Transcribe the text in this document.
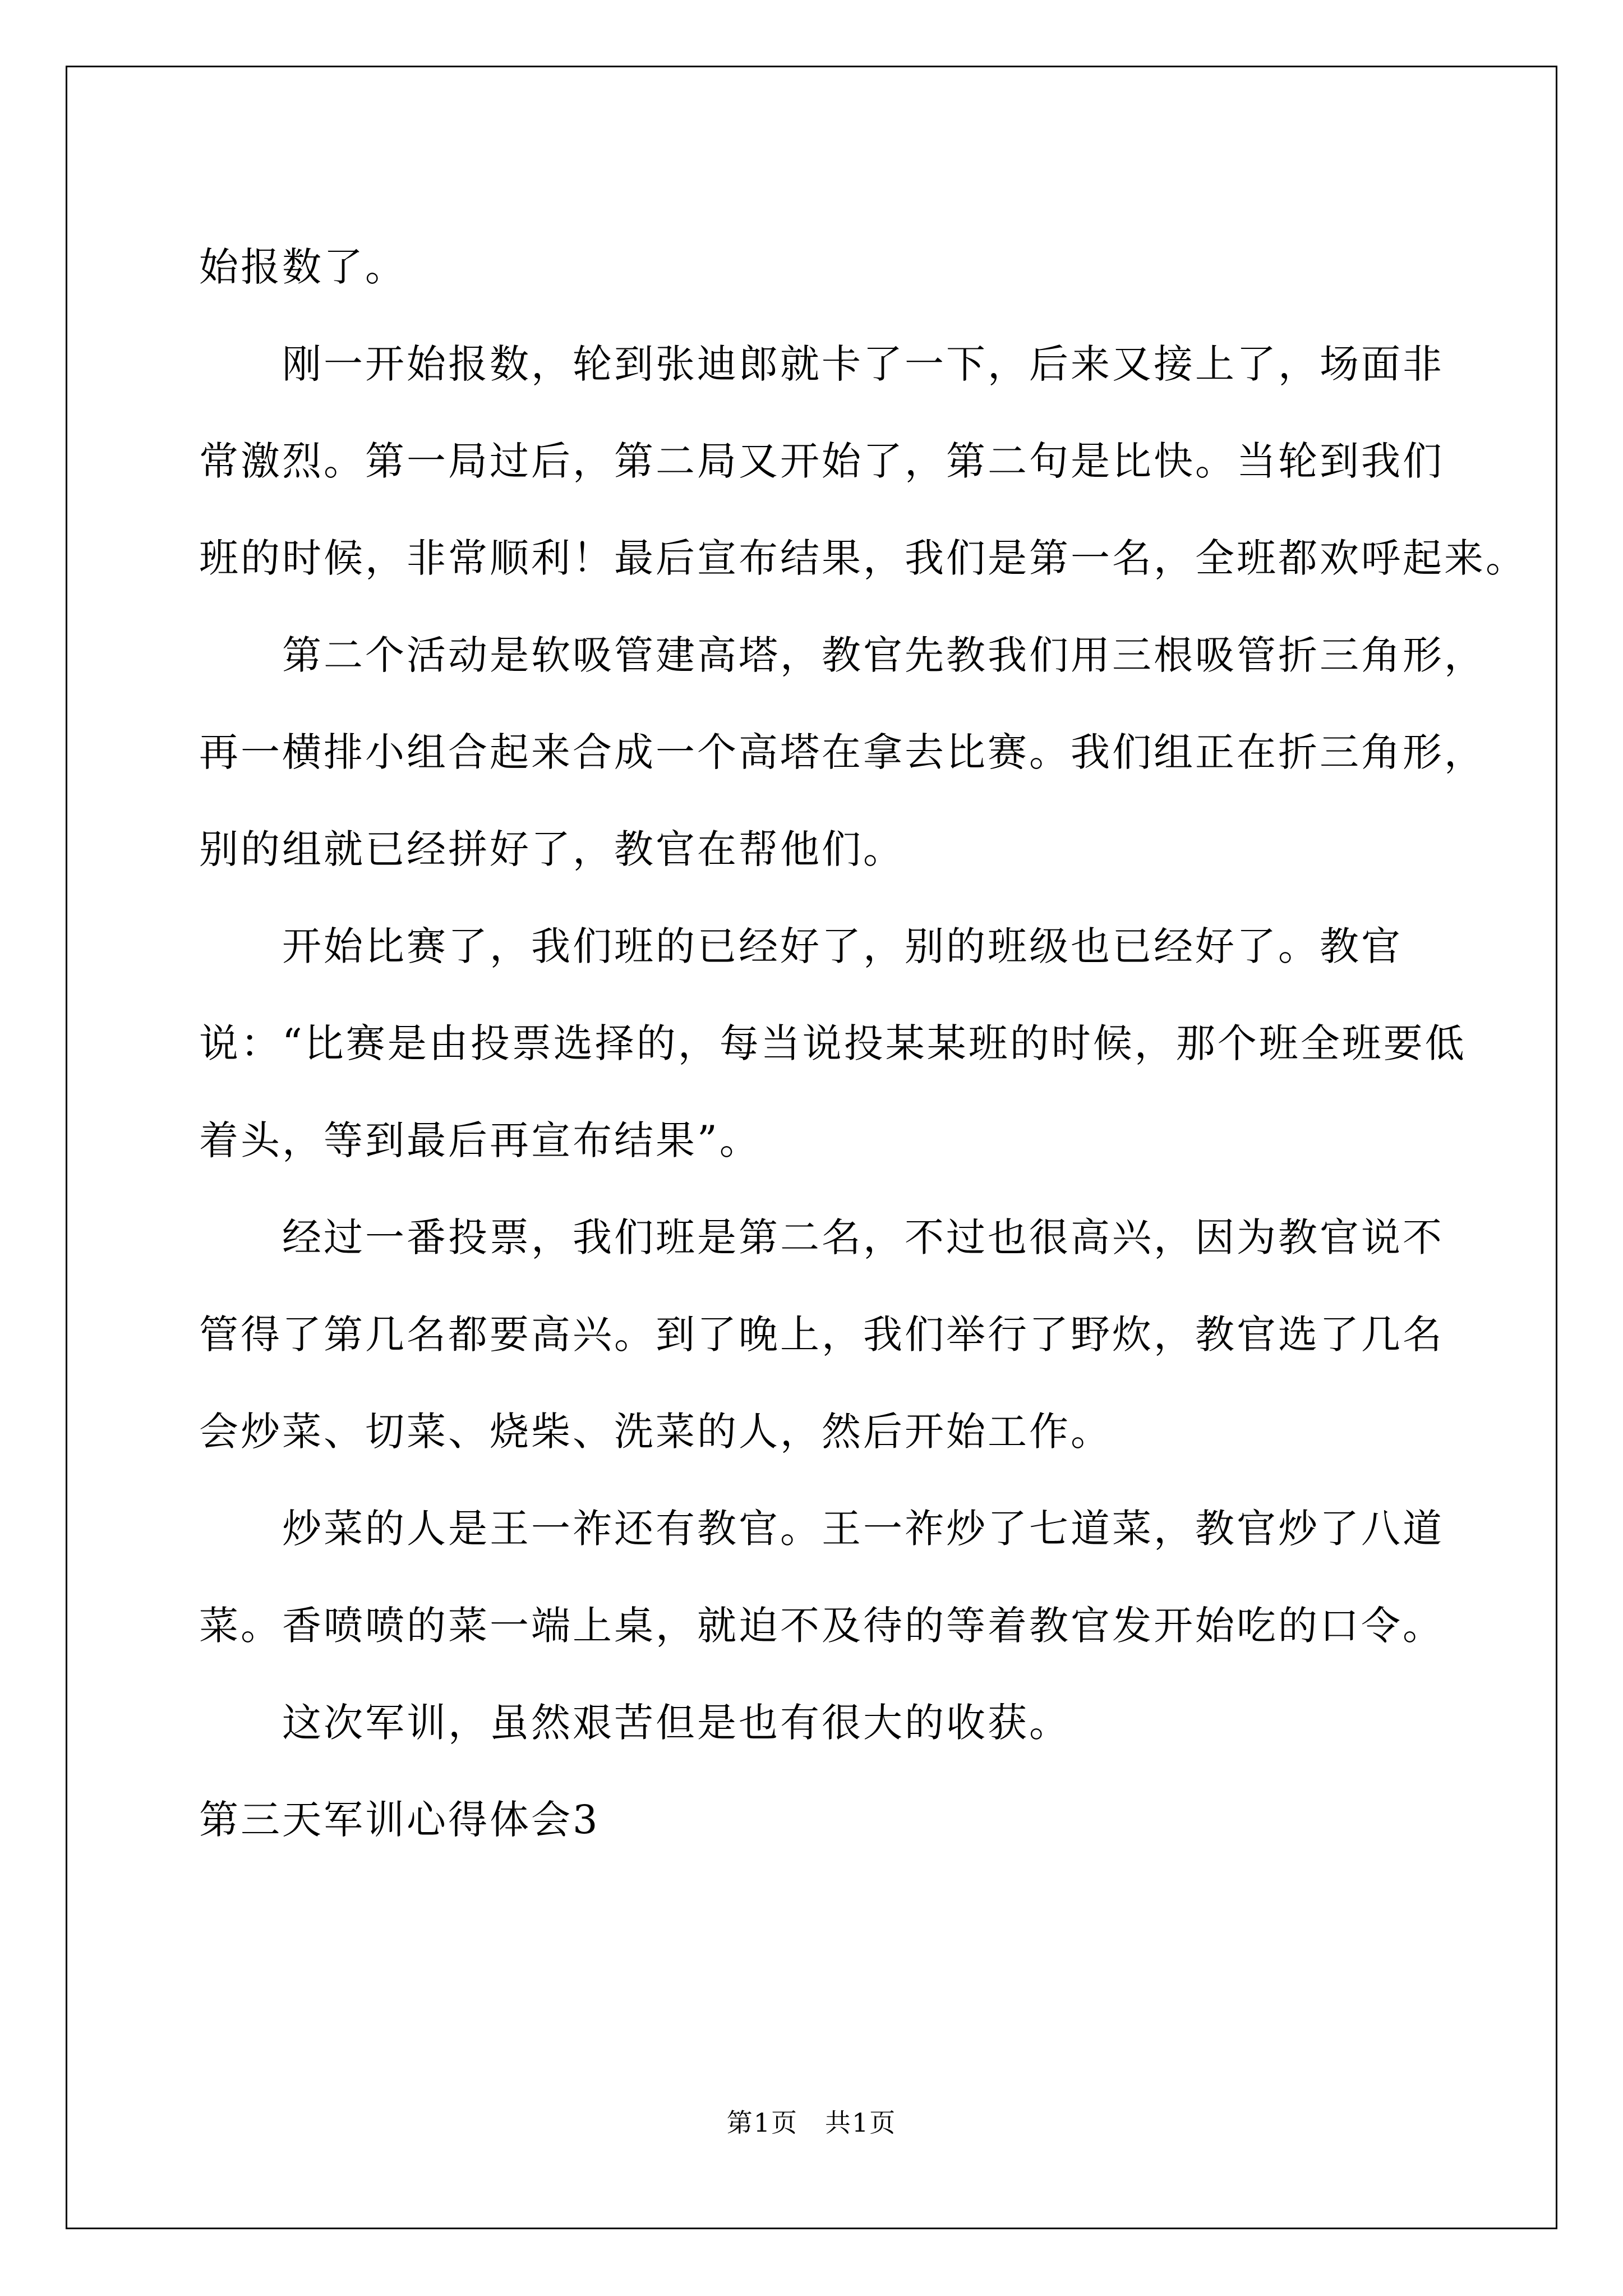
始报数了。

刚一开始报数，轮到张迪郎就卡了一下，后来又接上了，场面非
常激烈。第一局过后，第二局又开始了，第二句是比快。当轮到我们
班的时候，非常顺利！最后宣布结果，我们是第一名，全班都欢呼起来。

第二个活动是软吸管建高塔，教官先教我们用三根吸管折三角形，
再一横排小组合起来合成一个高塔在拿去比赛。我们组正在折三角形，
别的组就已经拼好了，教官在帮他们。

开始比赛了，我们班的已经好了，别的班级也已经好了。教官
说：“比赛是由投票选择的，每当说投某某班的时候，那个班全班要低
着头，等到最后再宣布结果”。

经过一番投票，我们班是第二名，不过也很高兴，因为教官说不
管得了第几名都要高兴。到了晚上，我们举行了野炊，教官选了几名
会炒菜、切菜、烧柴、洗菜的人，然后开始工作。

炒菜的人是王一祚还有教官。王一祚炒了七道菜，教官炒了八道
菜。香喷喷的菜一端上桌，就迫不及待的等着教官发开始吃的口令。

这次军训，虽然艰苦但是也有很大的收获。

第三天军训心得体会3

第1页　共1页
